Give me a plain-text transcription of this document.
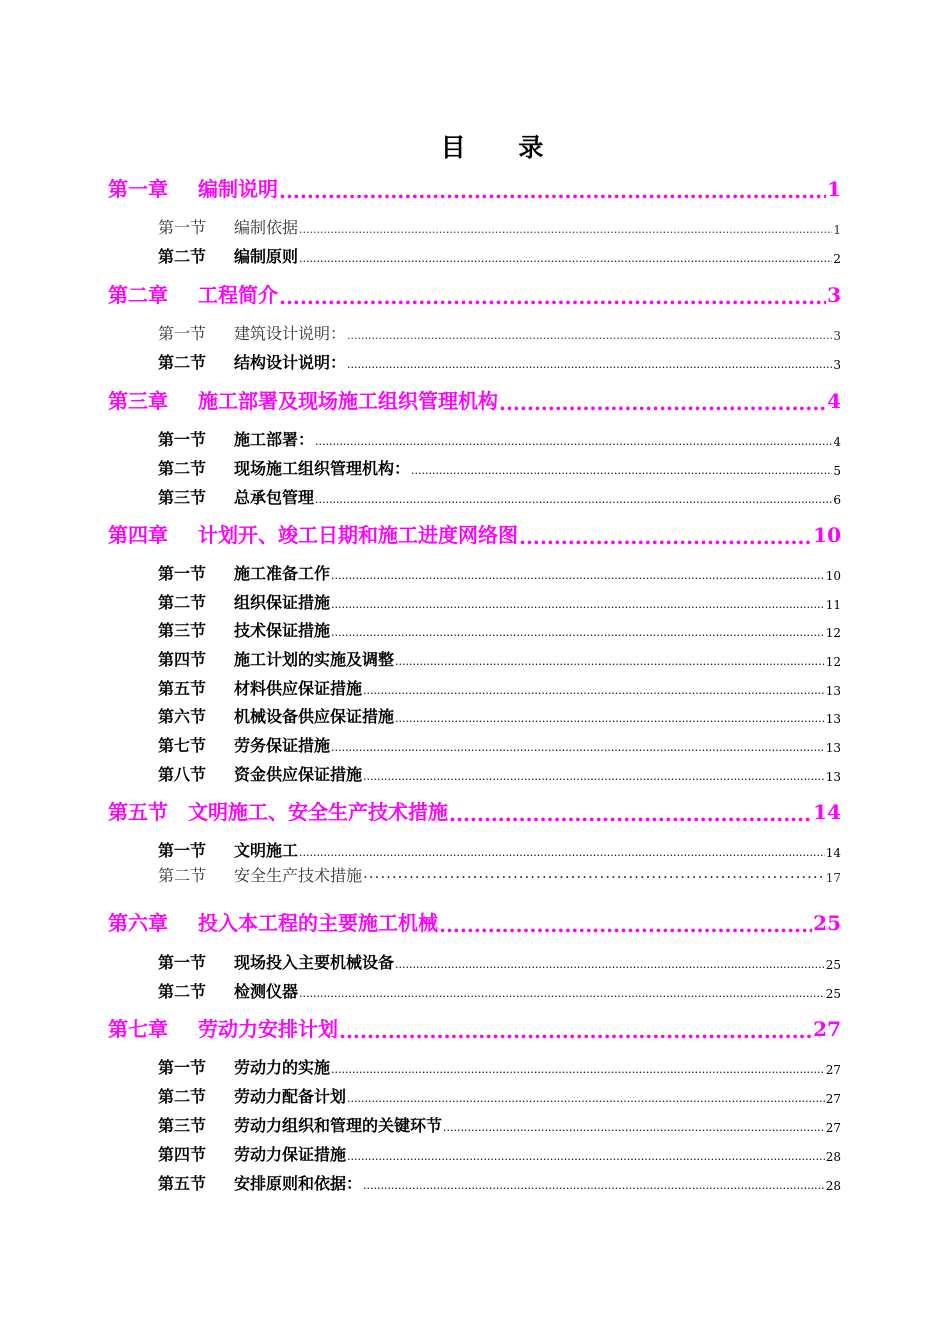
目 录
第一章	编制说明 .....	1
第一节	编制依据 .....	1
第二节	编制原则 .....	2
第二章	工程简介 .....	3
第一节	建筑设计说明： .....	3
第二节	结构设计说明： .....	3
第三章	施工部署及现场施工组织管理机构 .....	4
第一节	施工部署： .....	4
第二节	现场施工组织管理机构： .....	5
第三节	总承包管理 .....	6
第四章	计划开、竣工日期和施工进度网络图 .....	10
第一节	施工准备工作 .....	10
第二节	组织保证措施 .....	11
第三节	技术保证措施 .....	12
第四节	施工计划的实施及调整 .....	12
第五节	材料供应保证措施 .....	13
第六节	机械设备供应保证措施 .....	13
第七节	劳务保证措施 .....	13
第八节	资金供应保证措施 .....	13
第五节	文明施工、安全生产技术措施 .....	14
第一节	文明施工 .....	14
第二节	安全生产技术措施 ·····	17
第六章	投入本工程的主要施工机械 .....	25
第一节	现场投入主要机械设备 .....	25
第二节	检测仪器 .....	25
第七章	劳动力安排计划 .....	27
第一节	劳动力的实施 .....	27
第二节	劳动力配备计划 .....	27
第三节	劳动力组织和管理的关键环节 .....	27
第四节	劳动力保证措施 .....	28
第五节	安排原则和依据： .....	28
